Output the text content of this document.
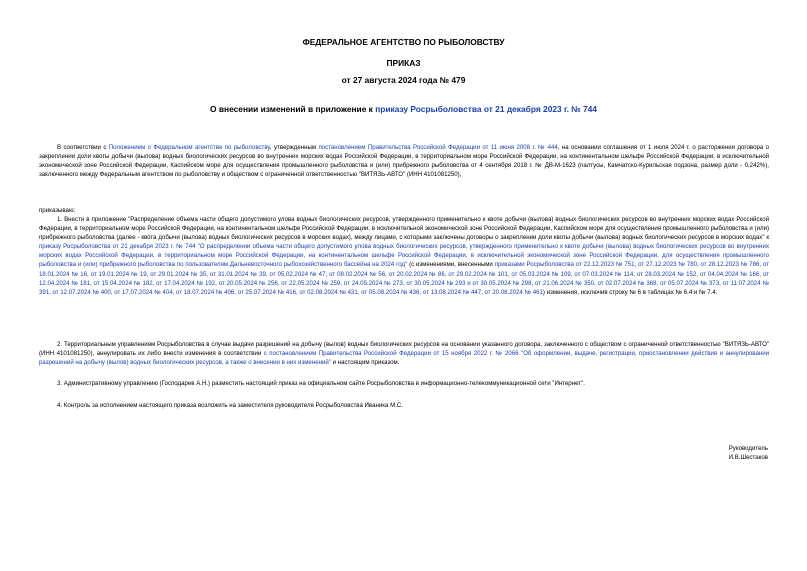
ФЕДЕРАЛЬНОЕ АГЕНТСТВО ПО РЫБОЛОВСТВУ
ПРИКАЗ
от 27 августа 2024 года № 479
О внесении изменений в приложение к приказу Росрыболовства от 21 декабря 2023 г. № 744
В соответствии с Положением о Федеральном агентстве по рыболовству, утвержденным постановлением Правительства Российской Федерации от 11 июня 2008 г. № 444, на основании соглашения от 1 июля 2024 г. о расторжении договора о закреплении доли квоты добычи (вылова) водных биологических ресурсов во внутренних морских водах Российской Федерации, в территориальном море Российской Федерации, на континентальном шельфе Российской Федерации, в исключительной экономической зоне Российской Федерации, Каспийском море для осуществления промышленного рыболовства и (или) прибрежного рыболовства от 4 сентября 2018 г. № ДВ-М-1623 (палтусы, Камчатско-Курильская подзона, размер доли - 0,242%), заключенного между Федеральным агентством по рыболовству и обществом с ограниченной ответственностью "ВИТЯЗЬ-АВТО" (ИНН 4101081250),
приказываю:
1. Внести в приложение "Распределение объема части общего допустимого улова водных биологических ресурсов, утвержденного применительно к квоте добычи (вылова) водных биологических ресурсов во внутренних морских водах Российской Федерации, в территориальном море Российской Федерации, на континентальном шельфе Российской Федерации, в исключительной экономической зоне Российской Федерации, Каспийском море для осуществления промышленного рыболовства и (или) прибрежного рыболовства (далее - квота добычи (вылова) водных биологических ресурсов в морских водах), между лицами, с которыми заключены договоры о закреплении доли квоты добычи (вылова) водных биологических ресурсов в морских водах" к приказу Росрыболовства от 21 декабря 2023 г. № 744 "О распределении объема части общего допустимого улова водных биологических ресурсов, утвержденного применительно к квоте добычи (вылова) водных биологических ресурсов во внутренних морских водах Российской Федерации, в территориальном море Российской Федерации, на континентальном шельфе Российской Федерации, в исключительной экономической зоне Российской Федерации, для осуществления промышленного рыболовства и (или) прибрежного рыболовства по пользователям Дальневосточного рыбохозяйственного бассейна на 2024 год" (с изменениями, внесенными приказами Росрыболовства от 22.12.2023 № 751, от 27.12.2023 № 780, от 28.12.2023 № 786, от 18.01.2024 № 16, от 19.01.2024 № 19, от 29.01.2024 № 35, от 31.01.2024 № 39, от 05.02.2024 № 47, от 08.02.2024 № 56, от 20.02.2024 № 86, от 29.02.2024 № 101, от 05.03.2024 № 109, от 07.03.2024 № 114, от 28.03.2024 № 152, от 04.04.2024 № 166, от 12.04.2024 № 181, от 15.04.2024 № 182, от 17.04.2024 № 192, от 20.05.2024 № 256, от 22.05.2024 № 259, от 24.05.2024 № 273, от 30.05.2024 № 293 и от 30.05.2024 № 298, от 21.06.2024 № 350, от 02.07.2024 № 368, от 05.07.2024 № 373, от 11.07.2024 № 391, от 12.07.2024 № 400, от 17.07.2024 № 404, от 18.07.2024 № 406, от 25.07.2024 № 416, от 02.08.2024 № 431, от 05.08.2024 № 436, от 13.08.2024 № 447, от 20.08.2024 № 461) изменения, исключив строку № 6 в таблицах № 6.4 и № 7.4.
2. Территориальным управлениям Росрыболовства в случае выдачи разрешений на добычу (вылов) водных биологических ресурсов на основании указанного договора, заключенного с обществом с ограниченной ответственностью "ВИТЯЗЬ-АВТО" (ИНН 4101081250), аннулировать их либо внести изменения в соответствии с постановлением Правительства Российской Федерации от 15 ноября 2022 г. № 2066 "Об оформлении, выдаче, регистрации, приостановлении действия и аннулировании разрешений на добычу (вылов) водных биологических ресурсов, а также о внесении в них изменений" и настоящим приказом.
3. Административному управлению (Господарев А.Н.) разместить настоящий приказ на официальном сайте Росрыболовства в информационно-телекоммуникационной сети "Интернет".
4. Контроль за исполнением настоящего приказа возложить на заместителя руководителя Росрыболовства Иваника М.С.
Руководитель
И.В.Шестаков
